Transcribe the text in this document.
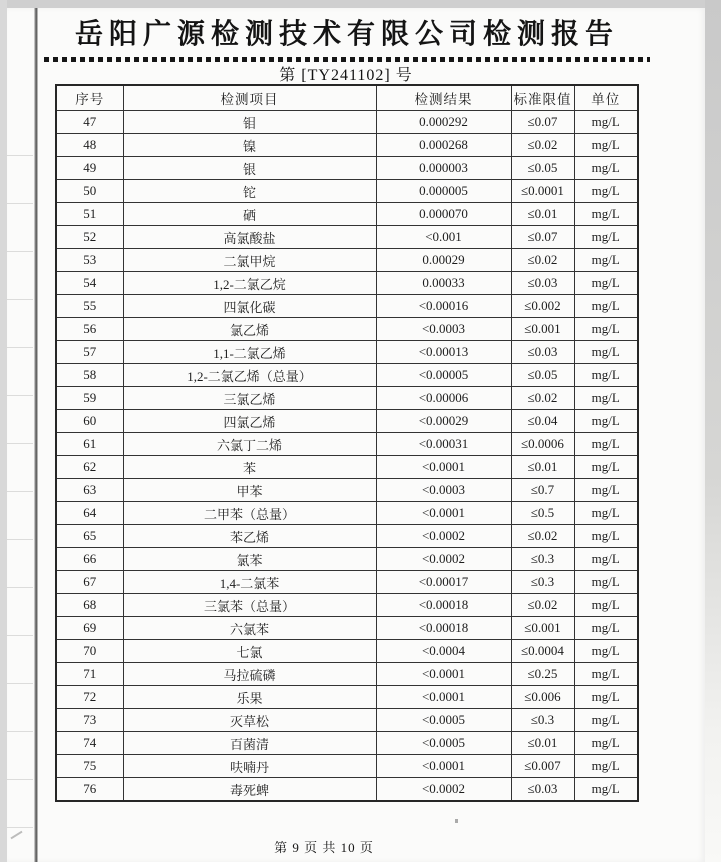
岳阳广源检测技术有限公司检测报告
第 [TY241102] 号
序号	检测项目	检测结果	标准限值	单位
47	钼	0.000292	≤0.07	mg/L
48	镍	0.000268	≤0.02	mg/L
49	银	0.000003	≤0.05	mg/L
50	铊	0.000005	≤0.0001	mg/L
51	硒	0.000070	≤0.01	mg/L
52	高氯酸盐	<0.001	≤0.07	mg/L
53	二氯甲烷	0.00029	≤0.02	mg/L
54	1,2-二氯乙烷	0.00033	≤0.03	mg/L
55	四氯化碳	<0.00016	≤0.002	mg/L
56	氯乙烯	<0.0003	≤0.001	mg/L
57	1,1-二氯乙烯	<0.00013	≤0.03	mg/L
58	1,2-二氯乙烯（总量）	<0.00005	≤0.05	mg/L
59	三氯乙烯	<0.00006	≤0.02	mg/L
60	四氯乙烯	<0.00029	≤0.04	mg/L
61	六氯丁二烯	<0.00031	≤0.0006	mg/L
62	苯	<0.0001	≤0.01	mg/L
63	甲苯	<0.0003	≤0.7	mg/L
64	二甲苯（总量）	<0.0001	≤0.5	mg/L
65	苯乙烯	<0.0002	≤0.02	mg/L
66	氯苯	<0.0002	≤0.3	mg/L
67	1,4-二氯苯	<0.00017	≤0.3	mg/L
68	三氯苯（总量）	<0.00018	≤0.02	mg/L
69	六氯苯	<0.00018	≤0.001	mg/L
70	七氯	<0.0004	≤0.0004	mg/L
71	马拉硫磷	<0.0001	≤0.25	mg/L
72	乐果	<0.0001	≤0.006	mg/L
73	灭草松	<0.0005	≤0.3	mg/L
74	百菌清	<0.0005	≤0.01	mg/L
75	呋喃丹	<0.0001	≤0.007	mg/L
76	毒死蜱	<0.0002	≤0.03	mg/L
第 9 页 共 10 页
